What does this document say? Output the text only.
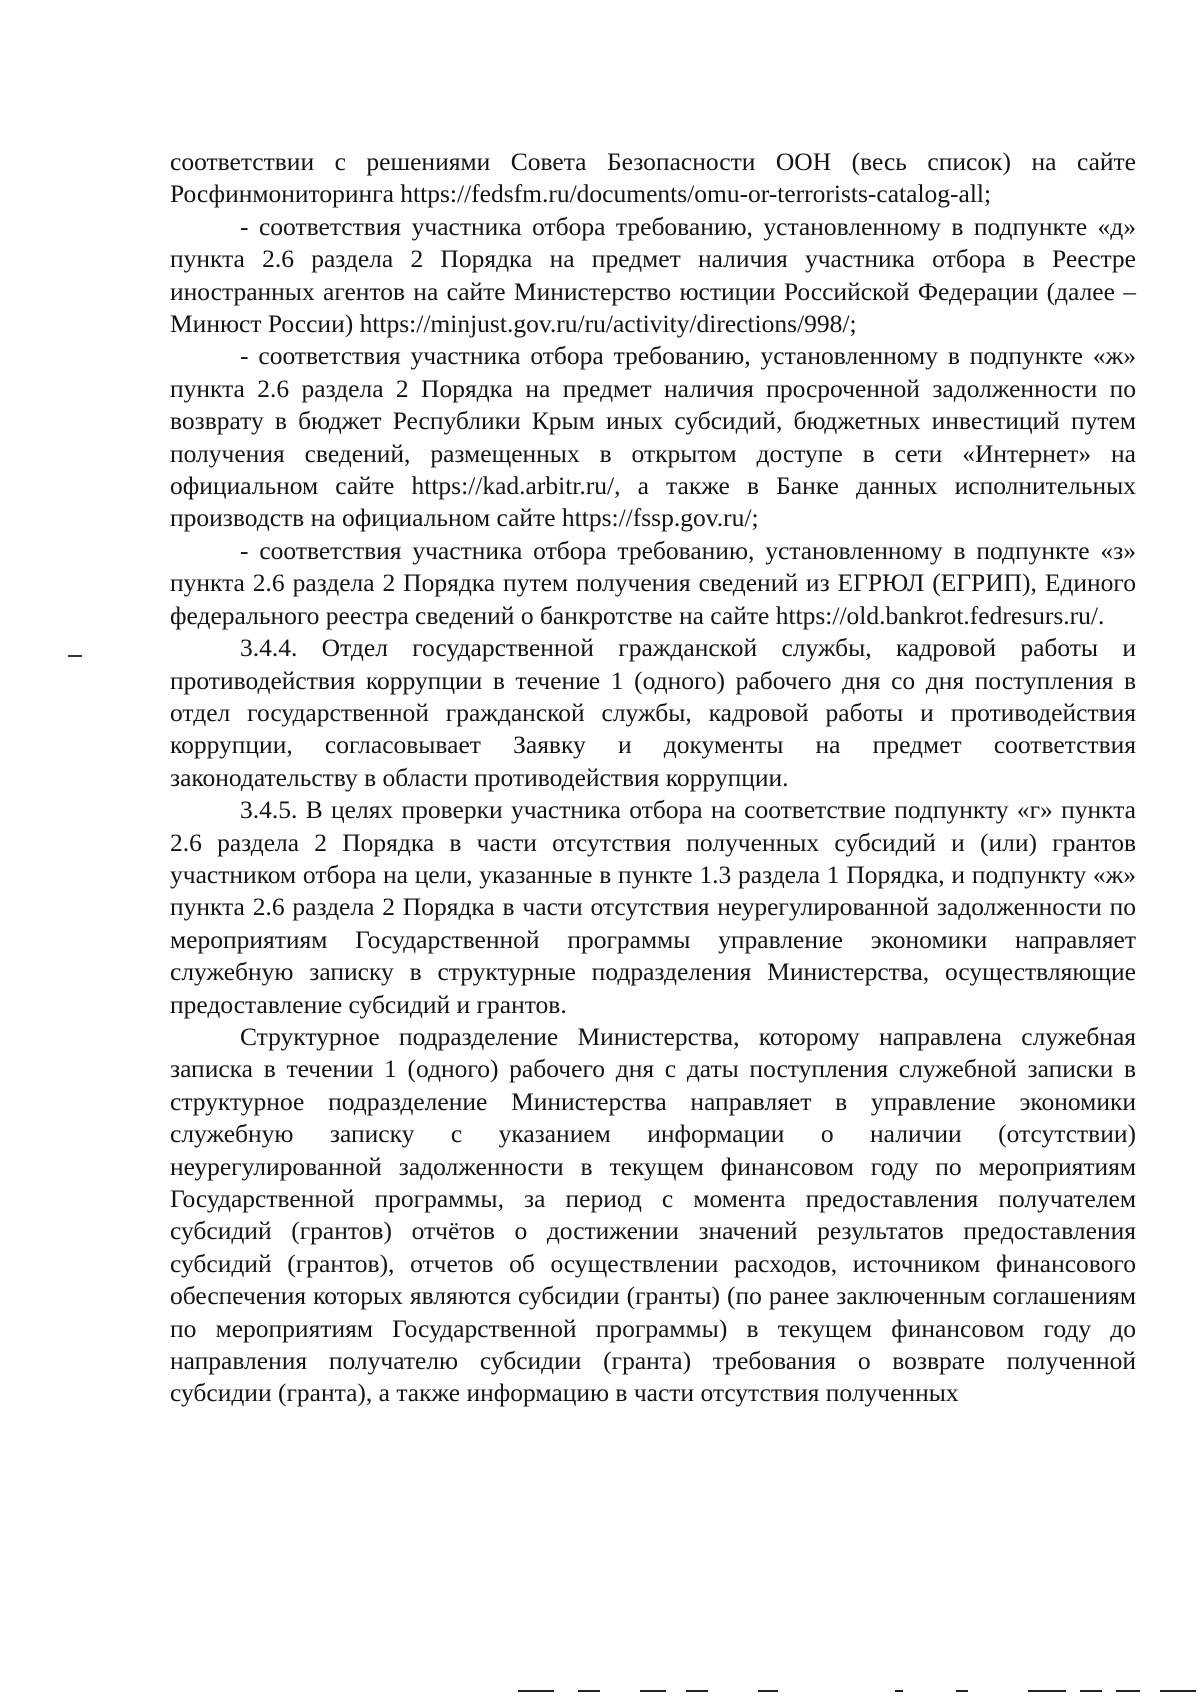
соответствии с решениями Совета Безопасности ООН (весь список) на сайте Росфинмониторинга https://fedsfm.ru/documents/omu-or-terrorists-catalog-all;

- соответствия участника отбора требованию, установленному в подпункте «д» пункта 2.6 раздела 2 Порядка на предмет наличия участника отбора в Реестре иностранных агентов на сайте Министерство юстиции Российской Федерации (далее – Минюст России) https://minjust.gov.ru/ru/activity/directions/998/;

- соответствия участника отбора требованию, установленному в подпункте «ж» пункта 2.6 раздела 2 Порядка на предмет наличия просроченной задолженности по возврату в бюджет Республики Крым иных субсидий, бюджетных инвестиций путем получения сведений, размещенных в открытом доступе в сети «Интернет» на официальном сайте https://kad.arbitr.ru/, а также в Банке данных исполнительных производств на официальном сайте https://fssp.gov.ru/;

- соответствия участника отбора требованию, установленному в подпункте «з» пункта 2.6 раздела 2 Порядка путем получения сведений из ЕГРЮЛ (ЕГРИП), Единого федерального реестра сведений о банкротстве на сайте https://old.bankrot.fedresurs.ru/.

3.4.4. Отдел государственной гражданской службы, кадровой работы и противодействия коррупции в течение 1 (одного) рабочего дня со дня поступления в отдел государственной гражданской службы, кадровой работы и противодействия коррупции, согласовывает Заявку и документы на предмет соответствия законодательству в области противодействия коррупции.

3.4.5. В целях проверки участника отбора на соответствие подпункту «г» пункта 2.6 раздела 2 Порядка в части отсутствия полученных субсидий и (или) грантов участником отбора на цели, указанные в пункте 1.3 раздела 1 Порядка, и подпункту «ж» пункта 2.6 раздела 2 Порядка в части отсутствия неурегулированной задолженности по мероприятиям Государственной программы управление экономики направляет служебную записку в структурные подразделения Министерства, осуществляющие предоставление субсидий и грантов.

Структурное подразделение Министерства, которому направлена служебная записка в течении 1 (одного) рабочего дня с даты поступления служебной записки в структурное подразделение Министерства направляет в управление экономики служебную записку с указанием информации о наличии (отсутствии) неурегулированной задолженности в текущем финансовом году по мероприятиям Государственной программы, за период с момента предоставления получателем субсидий (грантов) отчётов о достижении значений результатов предоставления субсидий (грантов), отчетов об осуществлении расходов, источником финансового обеспечения которых являются субсидии (гранты) (по ранее заключенным соглашениям по мероприятиям Государственной программы) в текущем финансовом году до направления получателю субсидии (гранта) требования о возврате полученной субсидии (гранта), а также информацию в части отсутствия полученных
